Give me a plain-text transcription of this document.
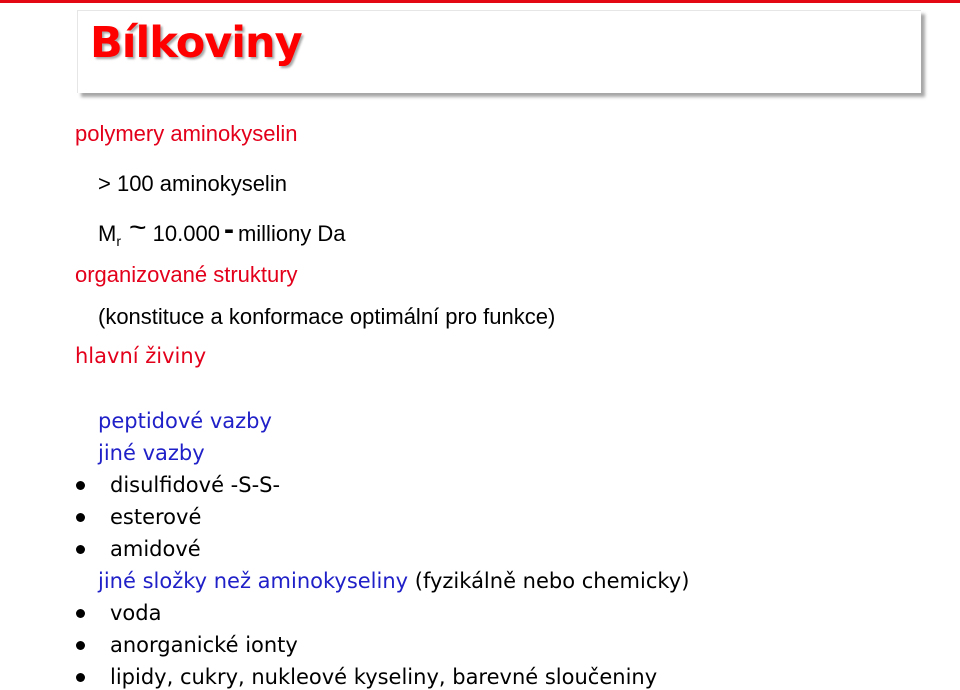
Bílkoviny
polymery aminokyselin
> 100 aminokyselin
$M_r$ ~ 10.000 - milliony Da
organizované struktury
(konstituce a konformace optimální pro funkce)
hlavní živiny
peptidové vazby
jiné vazby
disulfidové -S-S-
esterové
amidové
jiné složky než aminokyseliny (fyzikálně nebo chemicky)
voda
anorganické ionty
lipidy, cukry, nukleové kyseliny, barevné sloučeniny
